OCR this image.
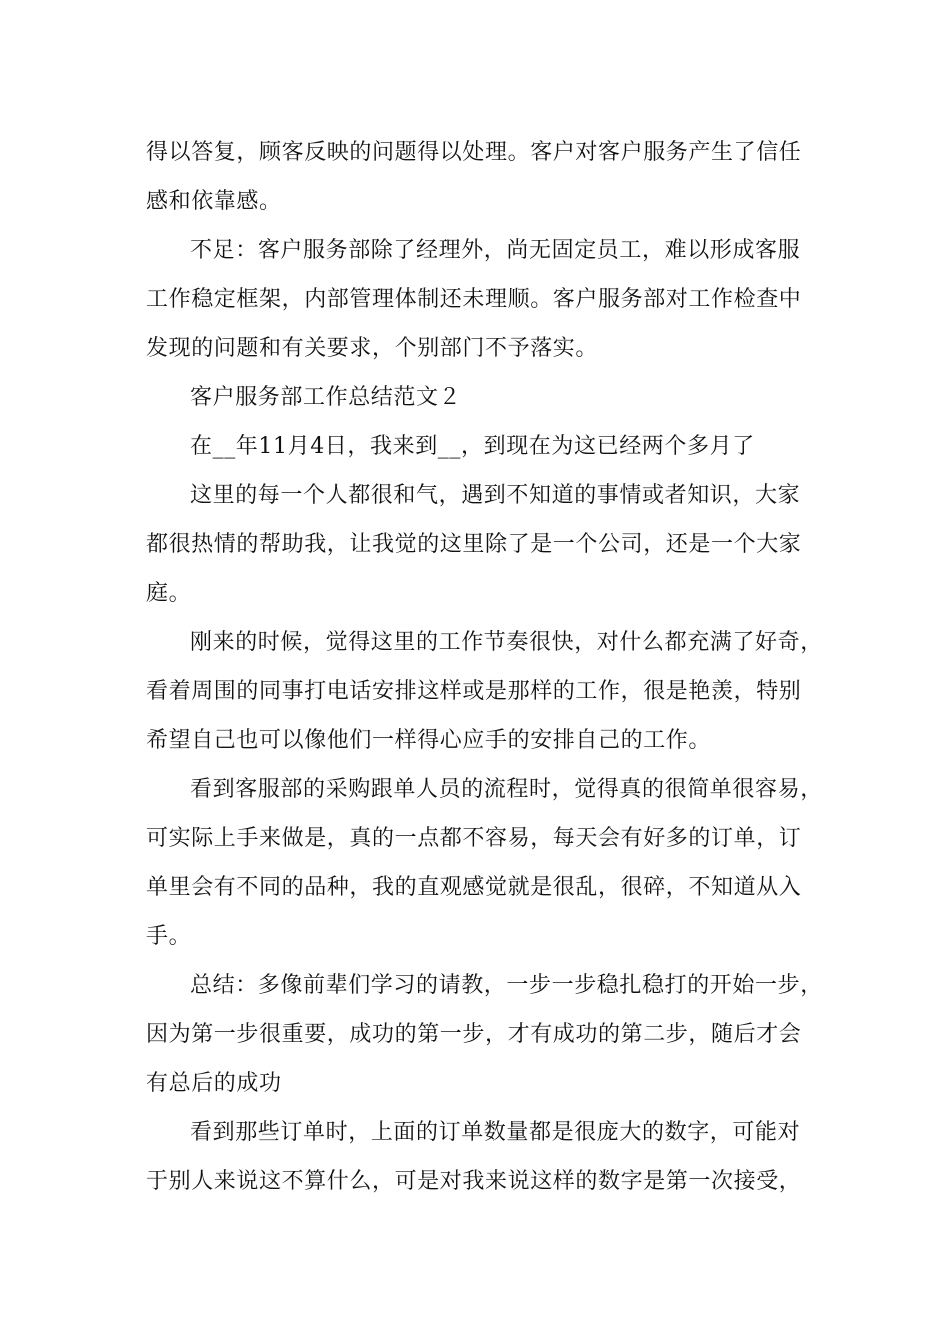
得以答复，顾客反映的问题得以处理。客户对客户服务产生了信任
感和依靠感。

不足：客户服务部除了经理外，尚无固定员工，难以形成客服
工作稳定框架，内部管理体制还未理顺。客户服务部对工作检查中
发现的问题和有关要求，个别部门不予落实。

客户服务部工作总结范文２

在__年11月4日，我来到__，到现在为这已经两个多月了

这里的每一个人都很和气，遇到不知道的事情或者知识，大家
都很热情的帮助我，让我觉的这里除了是一个公司，还是一个大家
庭。

刚来的时候，觉得这里的工作节奏很快，对什么都充满了好奇，
看着周围的同事打电话安排这样或是那样的工作，很是艳羡，特别
希望自己也可以像他们一样得心应手的安排自己的工作。

看到客服部的采购跟单人员的流程时，觉得真的很简单很容易，
可实际上手来做是，真的一点都不容易，每天会有好多的订单，订
单里会有不同的品种，我的直观感觉就是很乱，很碎，不知道从入
手。

总结：多像前辈们学习的请教，一步一步稳扎稳打的开始一步，
因为第一步很重要，成功的第一步，才有成功的第二步，随后才会
有总后的成功

看到那些订单时，上面的订单数量都是很庞大的数字，可能对
于别人来说这不算什么，可是对我来说这样的数字是第一次接受，
